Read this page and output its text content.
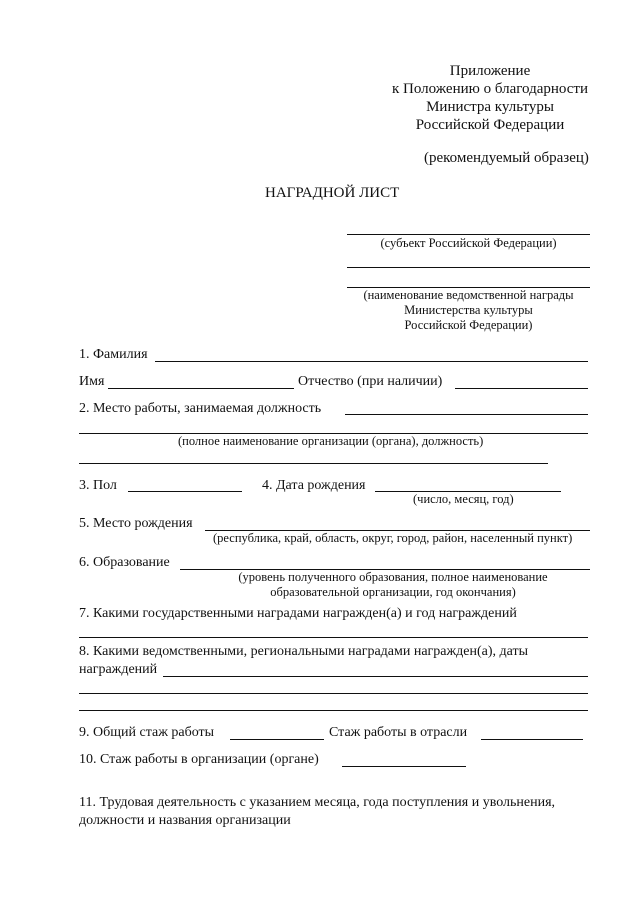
Приложение
к Положению о благодарности
Министра культуры
Российской Федерации
(рекомендуемый образец)
НАГРАДНОЙ ЛИСТ
(субъект Российской Федерации)
(наименование ведомственной награды
Министерства культуры
Российской Федерации)
1. Фамилия
Имя	Отчество (при наличии)
2. Место работы, занимаемая должность
(полное наименование организации (органа), должность)
3. Пол	4. Дата рождения
(число, месяц, год)
5. Место рождения
(республика, край, область, округ, город, район, населенный пункт)
6. Образование
(уровень полученного образования, полное наименование
образовательной организации, год окончания)
7. Какими государственными наградами награжден(а) и год награждений
8. Какими ведомственными, региональными наградами награжден(а), даты
награждений
9. Общий стаж работы	Стаж работы в отрасли
10. Стаж работы в организации (органе)
11. Трудовая деятельность с указанием месяца, года поступления и увольнения,
должности и названия организации
